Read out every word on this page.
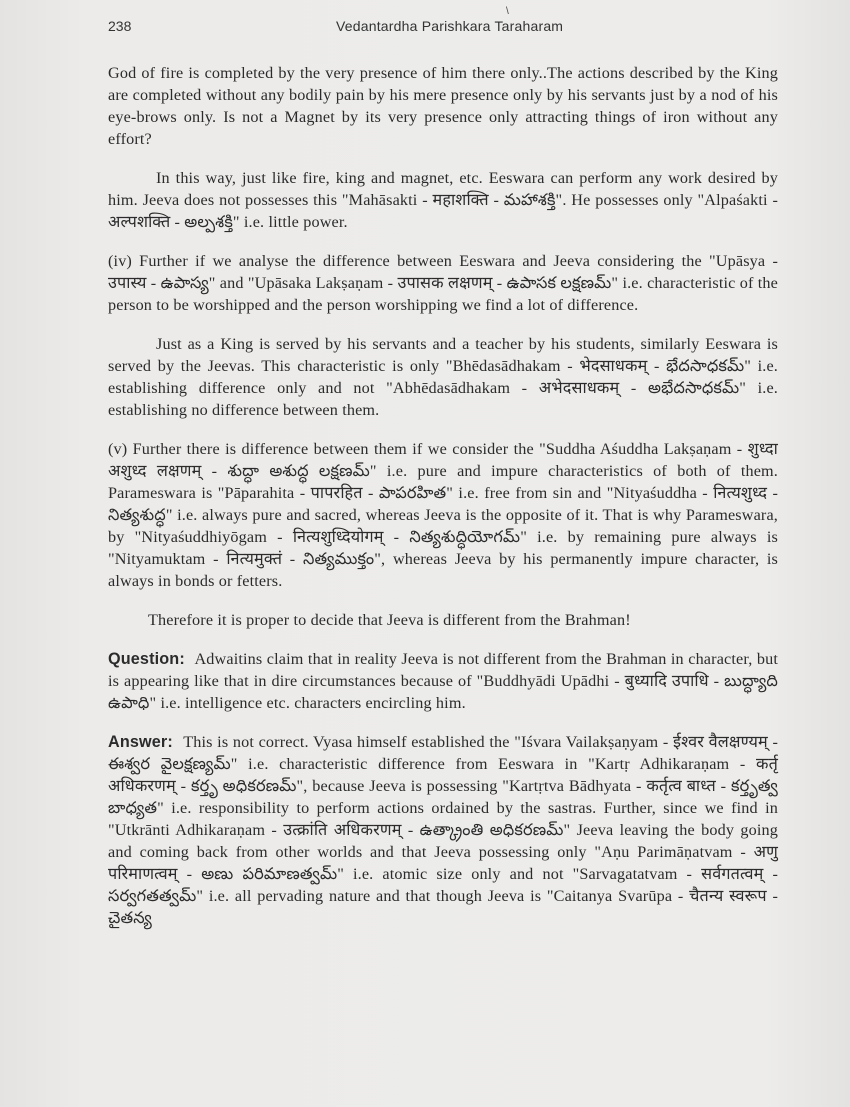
238
\
Vedantardha Parishkara Taraharam

God of fire is completed by the very presence of him there only..The actions described by the King are completed without any bodily pain by his mere presence only by his servants just by a nod of his eye-brows only. Is not a Magnet by its very presence only attracting things of iron without any effort?

In this way, just like fire, king and magnet, etc. Eeswara can perform any work desired by him. Jeeva does not possesses this "Mahāsakti - महाशक्ति - మహాశక్తి". He possesses only "Alpaśakti - अल्पशक्ति - అల్పశక్తి" i.e. little power.

(iv) Further if we analyse the difference between Eeswara and Jeeva considering the "Upāsya - उपास्य - ఉపాస్య" and "Upāsaka Lakṣaṇam - उपासक लक्षणम् - ఉపాసక లక్షణమ్" i.e. characteristic of the person to be worshipped and the person worshipping we find a lot of difference.

Just as a King is served by his servants and a teacher by his students, similarly Eeswara is served by the Jeevas. This characteristic is only "Bhēdasādhakam - भेदसाधकम् - భేదసాధకమ్" i.e. establishing difference only and not "Abhēdasādhakam - अभेदसाधकम् - అభేదసాధకమ్" i.e. establishing no difference between them.

(v) Further there is difference between them if we consider the "Suddha Aśuddha Lakṣaṇam - शुध्दा अशुध्द लक्षणम् - శుద్ధా అశుద్ధ లక్షణమ్" i.e. pure and impure characteristics of both of them. Parameswara is "Pāparahita - पापरहित - పాపరహిత" i.e. free from sin and "Nityaśuddha - नित्यशुध्द - నిత్యశుద్ధ" i.e. always pure and sacred, whereas Jeeva is the opposite of it. That is why Parameswara, by "Nityaśuddhiyōgam - नित्यशुध्दियोगम् - నిత్యశుద్ధియోగమ్" i.e. by remaining pure always is "Nityamuktam - नित्यमुक्तं - నిత్యముక్తం", whereas Jeeva by his permanently impure character, is always in bonds or fetters.

Therefore it is proper to decide that Jeeva is different from the Brahman!

Question: Adwaitins claim that in reality Jeeva is not different from the Brahman in character, but is appearing like that in dire circumstances because of "Buddhyādi Upādhi - बुध्यादि उपाधि - బుద్ధ్యాది ఉపాధి" i.e. intelligence etc. characters encircling him.

Answer: This is not correct. Vyasa himself established the "Iśvara Vailakṣaṇyam - ईश्वर वैलक्षण्यम् - ఈశ్వర వైలక్షణ్యమ్" i.e. characteristic difference from Eeswara in "Kartṛ Adhikaraṇam - कर्तृ अधिकरणम् - కర్తృ అధికరణమ్", because Jeeva is possessing "Kartṛtva Bādhyata - कर्तृत्व बाध्त - కర్తృత్వ బాధ్యత" i.e. responsibility to perform actions ordained by the sastras. Further, since we find in "Utkrānti Adhikaraṇam - उत्क्रांति अधिकरणम् - ఉత్క్రాంతి అధికరణమ్" Jeeva leaving the body going and coming back from other worlds and that Jeeva possessing only "Aṇu Parimāṇatvam - अणु परिमाणत्वम् - అణు పరిమాణత్వమ్" i.e. atomic size only and not "Sarvagatatvam - सर्वगतत्वम् - సర్వగతత్వమ్" i.e. all pervading nature and that though Jeeva is "Caitanya Svarūpa - चैतन्य स्वरूप - చైతన్య
